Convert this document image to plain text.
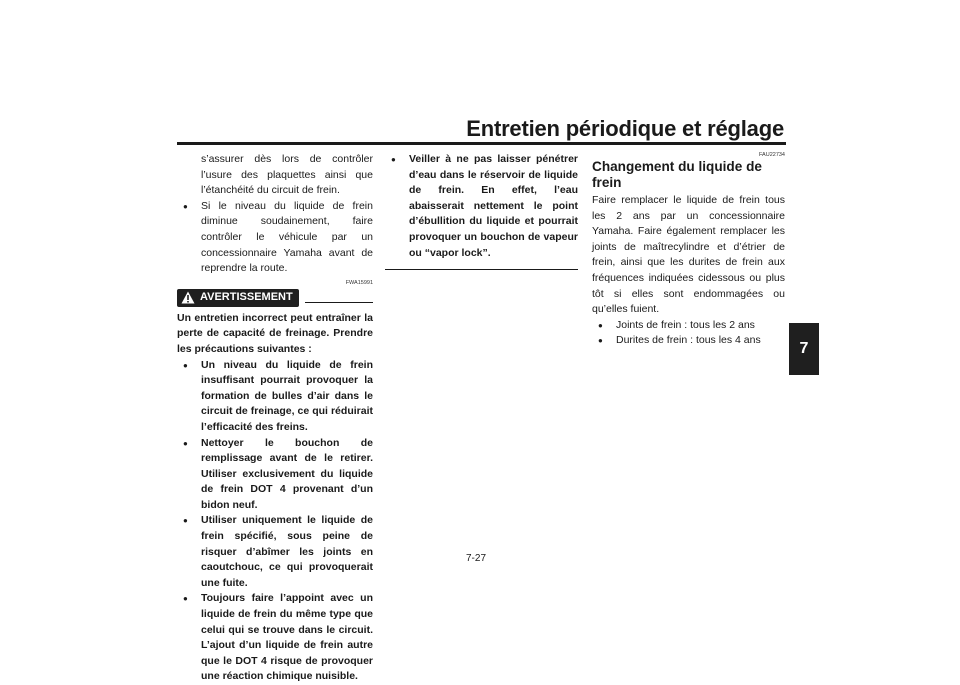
Entretien périodique et réglage
7

s’assurer dès lors de contrôler l’usure des plaquettes ainsi que l’étanchéité du circuit de frein.

● Si le niveau du liquide de frein diminue soudainement, faire contrôler le véhicule par un concessionnaire Yamaha avant de reprendre la route.
FWA15991
AVERTISSEMENT

Un entretien incorrect peut entraîner la perte de capacité de freinage. Prendre les précautions suivantes :

● Un niveau du liquide de frein insuffisant pourrait provoquer la formation de bulles d’air dans le circuit de freinage, ce qui réduirait l’efficacité des freins.
● Nettoyer le bouchon de remplissage avant de le retirer. Utiliser exclusivement du liquide de frein DOT 4 provenant d’un bidon neuf.
● Utiliser uniquement le liquide de frein spécifié, sous peine de risquer d’abîmer les joints en caoutchouc, ce qui provoquerait une fuite.
● Toujours faire l’appoint avec un liquide de frein du même type que celui qui se trouve dans le circuit. L’ajout d’un liquide de frein autre que le DOT 4 risque de provoquer une réaction chimique nuisible.
● Veiller à ne pas laisser pénétrer d’eau dans le réservoir de liquide de frein. En effet, l’eau abaisserait nettement le point d’ébullition du liquide et pourrait provoquer un bouchon de vapeur ou “vapor lock”.
FAU22734
Changement du liquide de frein

Faire remplacer le liquide de frein tous les 2 ans par un concessionnaire Yamaha. Faire également remplacer les joints de maîtrecylindre et d’étrier de frein, ainsi que les durites de frein aux fréquences indiquées cidessous ou plus tôt si elles sont endommagées ou qu’elles fuient.

● Joints de frein : tous les 2 ans
● Durites de frein : tous les 4 ans
7-27
